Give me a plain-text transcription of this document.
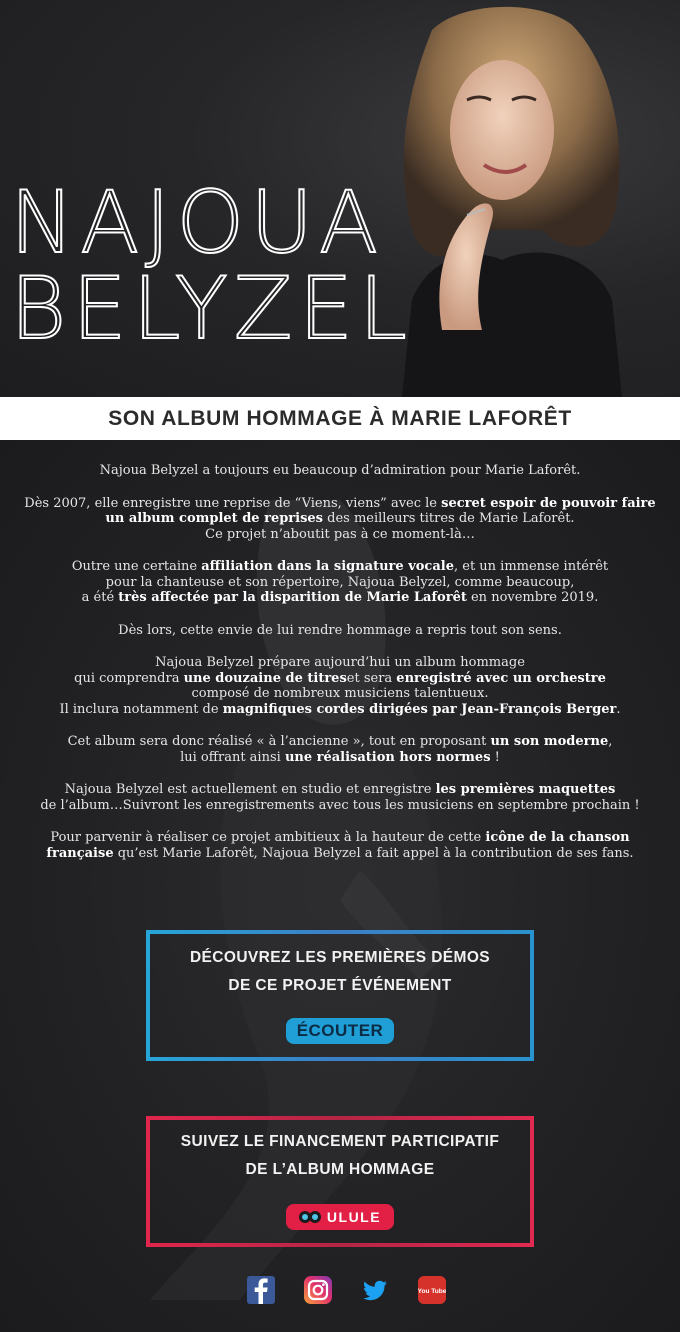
NAJOUA
BELYZEL
SON ALBUM HOMMAGE À MARIE LAFORÊT

Najoua Belyzel a toujours eu beaucoup d’admiration pour Marie Laforêt.

Dès 2007, elle enregistre une reprise de “Viens, viens” avec le secret espoir de pouvoir faire un album complet de reprises des meilleurs titres de Marie Laforêt.
Ce projet n’aboutit pas à ce moment-là…

Outre une certaine affiliation dans la signature vocale, et un immense intérêt
pour la chanteuse et son répertoire, Najoua Belyzel, comme beaucoup,
a été très affectée par la disparition de Marie Laforêt en novembre 2019.

Dès lors, cette envie de lui rendre hommage a repris tout son sens.

Najoua Belyzel prépare aujourd’hui un album hommage
qui comprendra une douzaine de titreset sera enregistré avec un orchestre
composé de nombreux musiciens talentueux.
Il inclura notamment de magnifiques cordes dirigées par Jean-François Berger.

Cet album sera donc réalisé « à l’ancienne », tout en proposant un son moderne,
lui offrant ainsi une réalisation hors normes !

Najoua Belyzel est actuellement en studio et enregistre les premières maquettes
de l’album…Suivront les enregistrements avec tous les musiciens en septembre prochain !

Pour parvenir à réaliser ce projet ambitieux à la hauteur de cette icône de la chanson française qu’est Marie Laforêt, Najoua Belyzel a fait appel à la contribution de ses fans.

DÉCOUVREZ LES PREMIÈRES DÉMOS
DE CE PROJET ÉVÉNEMENT
ÉCOUTER
SUIVEZ LE FINANCEMENT PARTICIPATIF
DE L’ALBUM HOMMAGE
ULULE
You Tube
